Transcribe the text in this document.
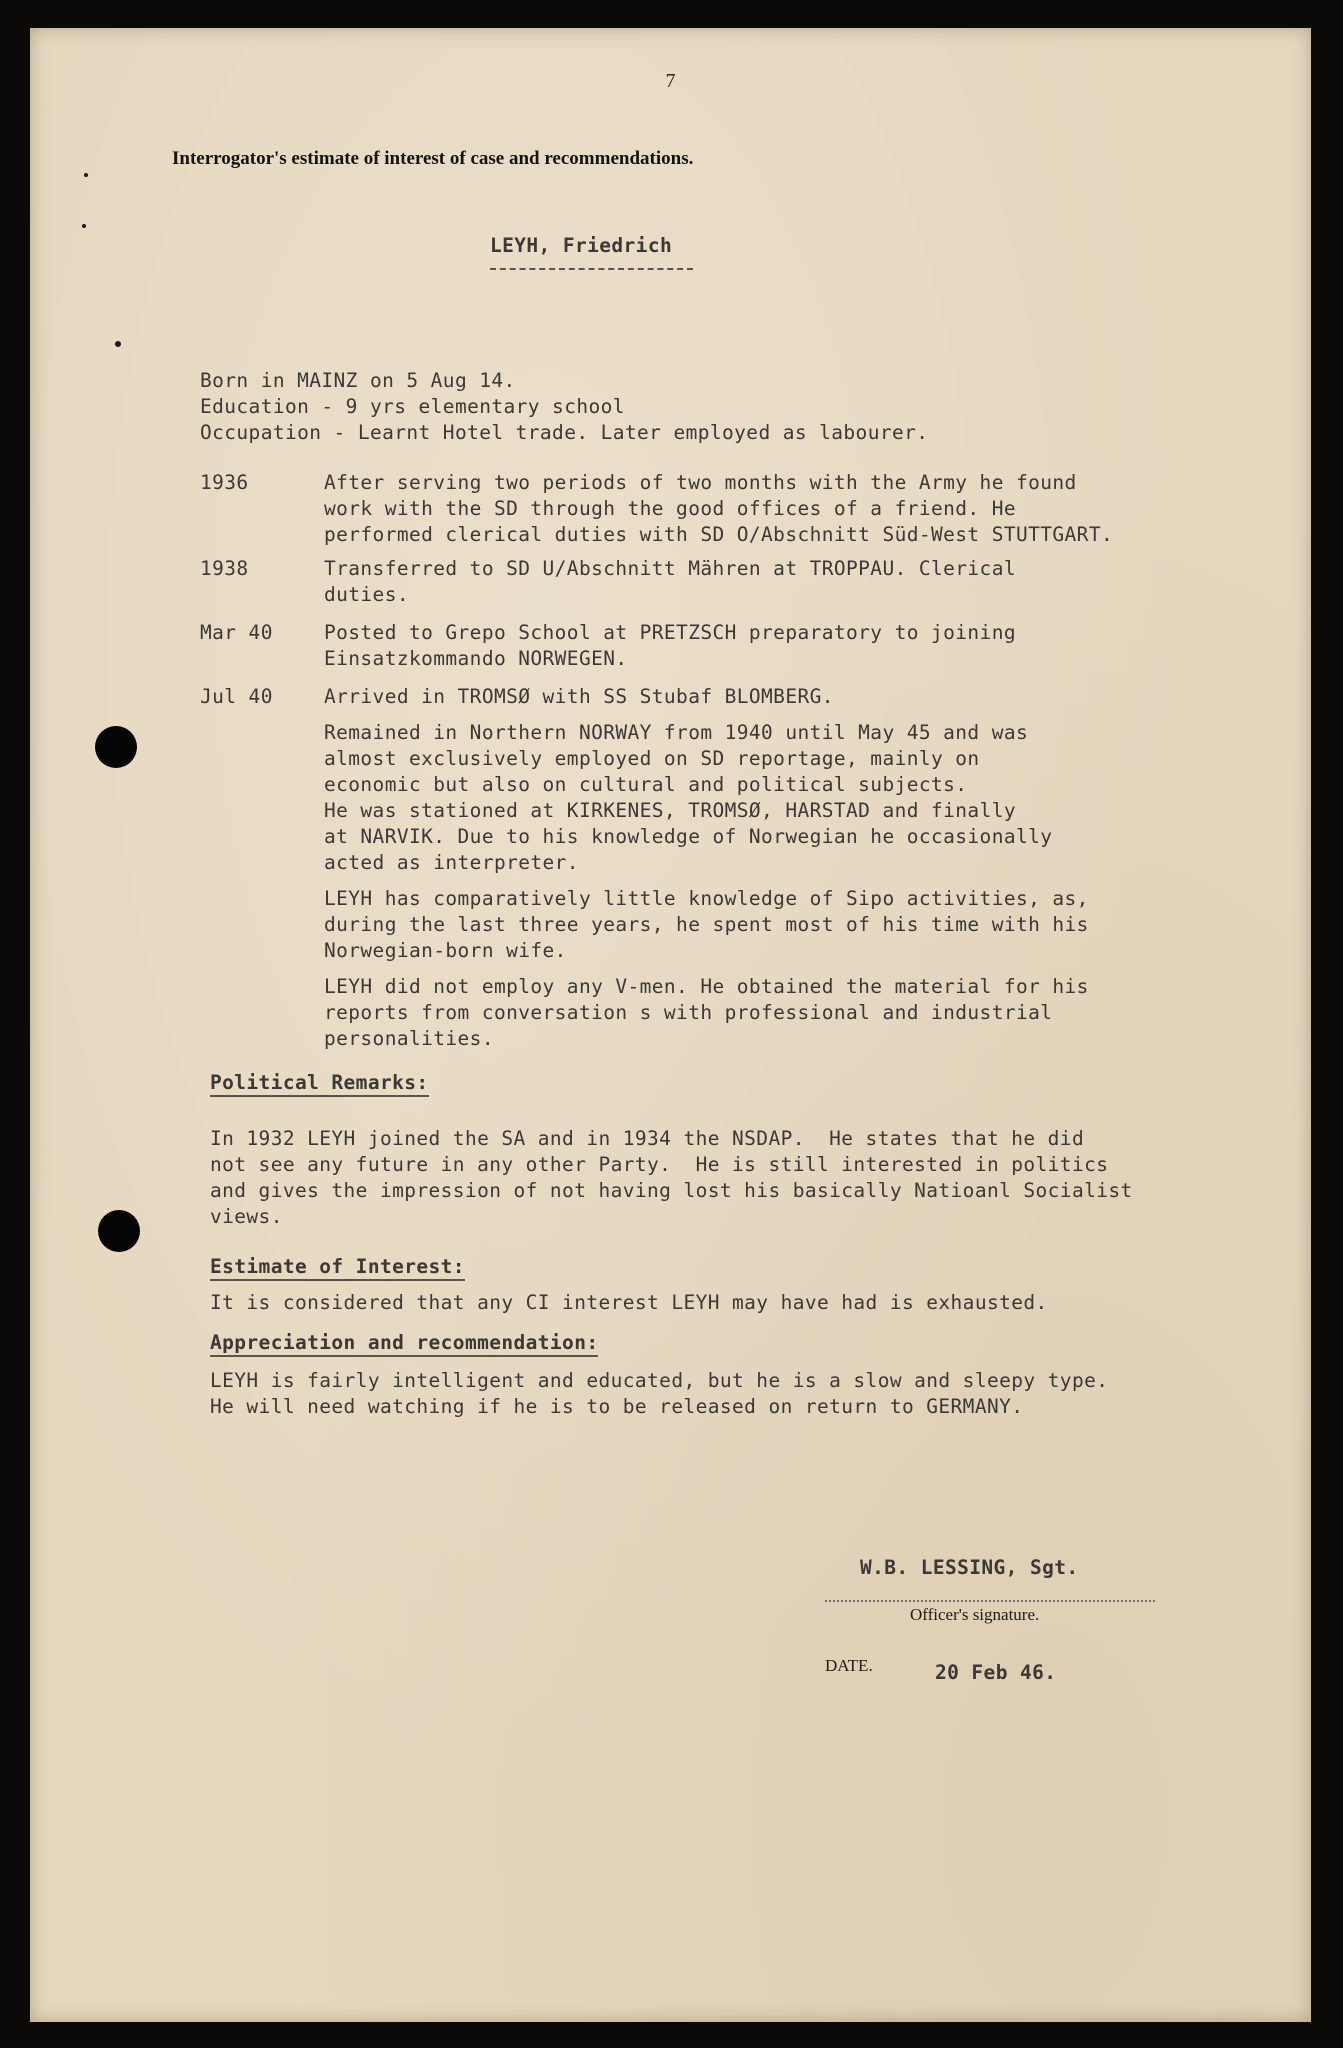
7
Interrogator's estimate of interest of case and recommendations.
LEYH, Friedrich
Born in MAINZ on 5 Aug 14.
Education - 9 yrs elementary school
Occupation - Learnt Hotel trade. Later employed as labourer.
1936	After serving two periods of two months with the Army he found
work with the SD through the good offices of a friend. He
performed clerical duties with SD O/Abschnitt Süd-West STUTTGART.
1938	Transferred to SD U/Abschnitt Mähren at TROPPAU. Clerical
duties.
Mar 40	Posted to Grepo School at PRETZSCH preparatory to joining
Einsatzkommando NORWEGEN.
Jul 40	Arrived in TROMSØ with SS Stubaf BLOMBERG.
Remained in Northern NORWAY from 1940 until May 45 and was
almost exclusively employed on SD reportage, mainly on
economic but also on cultural and political subjects.
He was stationed at KIRKENES, TROMSØ, HARSTAD and finally
at NARVIK. Due to his knowledge of Norwegian he occasionally
acted as interpreter.
LEYH has comparatively little knowledge of Sipo activities, as,
during the last three years, he spent most of his time with his
Norwegian-born wife.
LEYH did not employ any V-men. He obtained the material for his
reports from conversation s with professional and industrial
personalities.
Political Remarks:
In 1932 LEYH joined the SA and in 1934 the NSDAP.  He states that he did
not see any future in any other Party.  He is still interested in politics
and gives the impression of not having lost his basically Natioanl Socialist
views.
Estimate of Interest:
It is considered that any CI interest LEYH may have had is exhausted.
Appreciation and recommendation:
LEYH is fairly intelligent and educated, but he is a slow and sleepy type.
He will need watching if he is to be released on return to GERMANY.
W.B. LESSING, Sgt.
Officer's signature.
DATE.	20 Feb 46.
